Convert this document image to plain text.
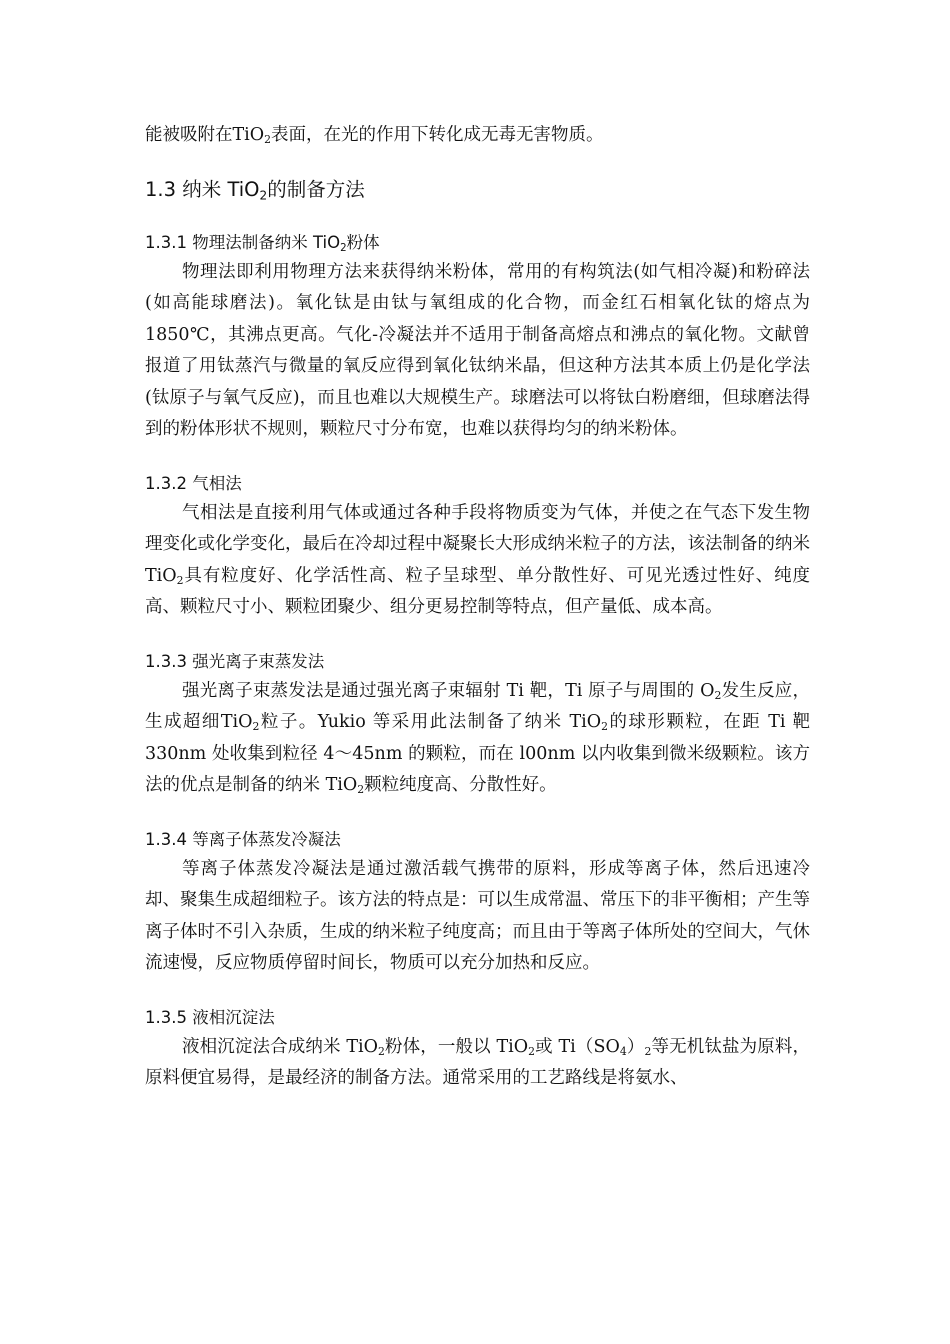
能被吸附在TiO$_2$表面，在光的作用下转化成无毒无害物质。

1.3 纳米 TiO$_2$的制备方法
1.3.1 物理法制备纳米 TiO$_2$粉体

物理法即利用物理方法来获得纳米粉体，常用的有构筑法(如气相冷凝)和粉碎法(如高能球磨法)。氧化钛是由钛与氧组成的化合物，而金红石相氧化钛的熔点为1850℃，其沸点更高。气化-冷凝法并不适用于制备高熔点和沸点的氧化物。文献曾报道了用钛蒸汽与微量的氧反应得到氧化钛纳米晶，但这种方法其本质上仍是化学法(钛原子与氧气反应)，而且也难以大规模生产。球磨法可以将钛白粉磨细，但球磨法得到的粉体形状不规则，颗粒尺寸分布宽，也难以获得均匀的纳米粉体。

1.3.2 气相法

气相法是直接利用气体或通过各种手段将物质变为气体，并使之在气态下发生物理变化或化学变化，最后在冷却过程中凝聚长大形成纳米粒子的方法，该法制备的纳米 TiO$_2$具有粒度好、化学活性高、粒子呈球型、单分散性好、可见光透过性好、纯度高、颗粒尺寸小、颗粒团聚少、组分更易控制等特点，但产量低、成本高。

1.3.3 强光离子束蒸发法

强光离子束蒸发法是通过强光离子束辐射 Ti 靶，Ti 原子与周围的 $O_2$发生反应，生成超细TiO$_2$粒子。Yukio 等采用此法制备了纳米 TiO$_2$的球形颗粒，在距 Ti 靶 330nm 处收集到粒径 4～45nm 的颗粒，而在 l00nm 以内收集到微米级颗粒。该方法的优点是制备的纳米 TiO$_2$颗粒纯度高、分散性好。

1.3.4 等离子体蒸发冷凝法

等离子体蒸发冷凝法是通过激活载气携带的原料，形成等离子体，然后迅速冷却、聚集生成超细粒子。该方法的特点是：可以生成常温、常压下的非平衡相；产生等离子体时不引入杂质，生成的纳米粒子纯度高；而且由于等离子体所处的空间大，气休流速慢，反应物质停留时间长，物质可以充分加热和反应。

1.3.5 液相沉淀法

液相沉淀法合成纳米 TiO$_2$粉体，一般以 TiO$_2$或 $Ti(SO_4)_2$等无机钛盐为原料，原料便宜易得，是最经济的制备方法。通常采用的工艺路线是将氨水、
